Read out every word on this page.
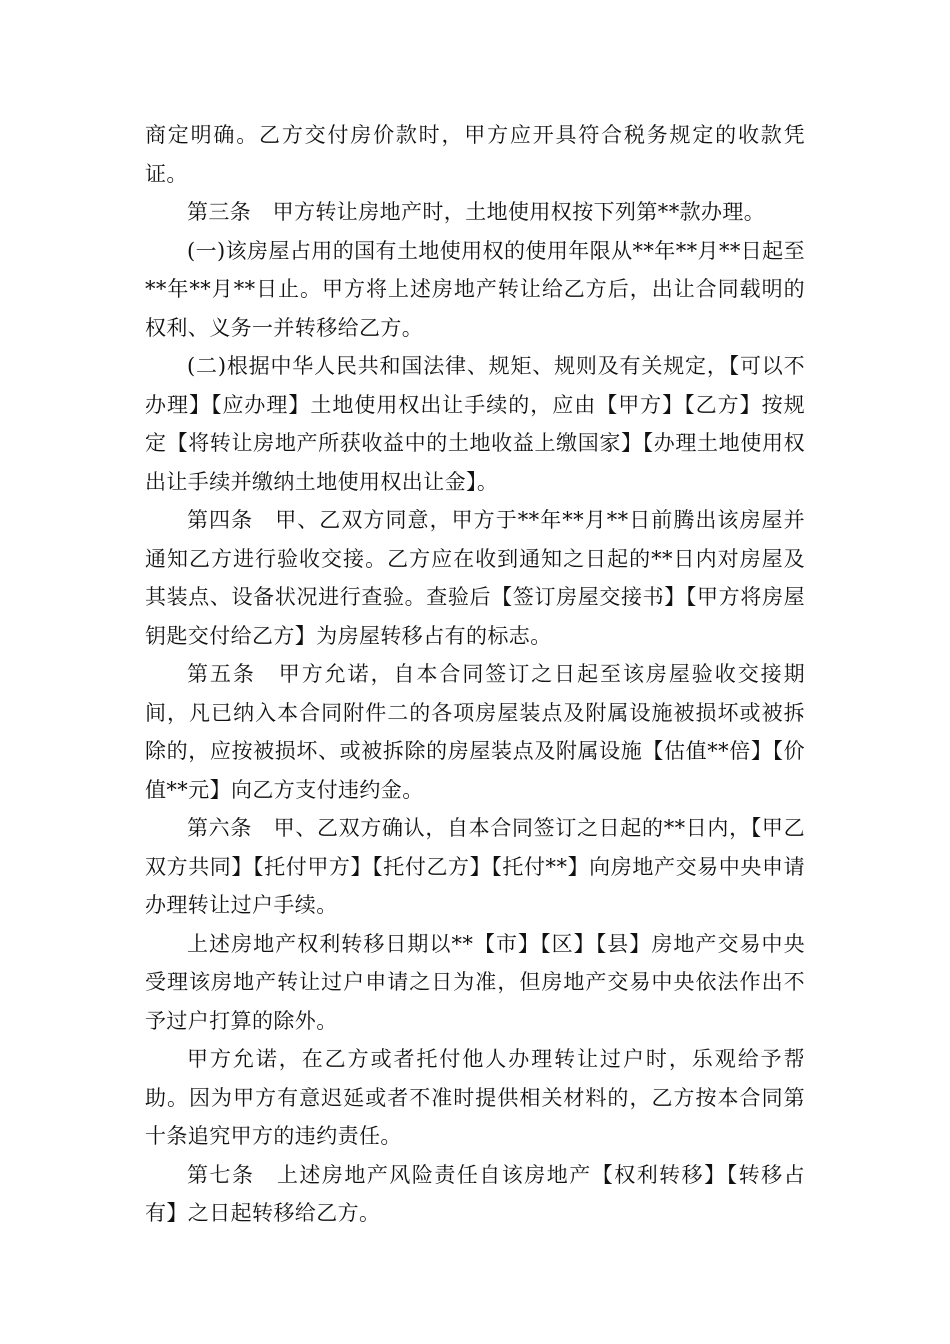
商定明确。乙方交付房价款时，甲方应开具符合税务规定的收款凭证。

第三条　甲方转让房地产时，土地使用权按下列第**款办理。

(一)该房屋占用的国有土地使用权的使用年限从**年**月**日起至**年**月**日止。甲方将上述房地产转让给乙方后，出让合同载明的权利、义务一并转移给乙方。

(二)根据中华人民共和国法律、规矩、规则及有关规定，【可以不办理】【应办理】土地使用权出让手续的，应由【甲方】【乙方】按规定【将转让房地产所获收益中的土地收益上缴国家】【办理土地使用权出让手续并缴纳土地使用权出让金】。

第四条　甲、乙双方同意，甲方于**年**月**日前腾出该房屋并通知乙方进行验收交接。乙方应在收到通知之日起的**日内对房屋及其装点、设备状况进行查验。查验后【签订房屋交接书】【甲方将房屋钥匙交付给乙方】为房屋转移占有的标志。

第五条　甲方允诺，自本合同签订之日起至该房屋验收交接期间，凡已纳入本合同附件二的各项房屋装点及附属设施被损坏或被拆除的，应按被损坏、或被拆除的房屋装点及附属设施【估值**倍】【价值**元】向乙方支付违约金。

第六条　甲、乙双方确认，自本合同签订之日起的**日内，【甲乙双方共同】【托付甲方】【托付乙方】【托付**】向房地产交易中央申请办理转让过户手续。

上述房地产权利转移日期以**【市】【区】【县】房地产交易中央受理该房地产转让过户申请之日为准，但房地产交易中央依法作出不予过户打算的除外。

甲方允诺，在乙方或者托付他人办理转让过户时，乐观给予帮助。因为甲方有意迟延或者不准时提供相关材料的，乙方按本合同第十条追究甲方的违约责任。

第七条　上述房地产风险责任自该房地产【权利转移】【转移占有】之日起转移给乙方。
